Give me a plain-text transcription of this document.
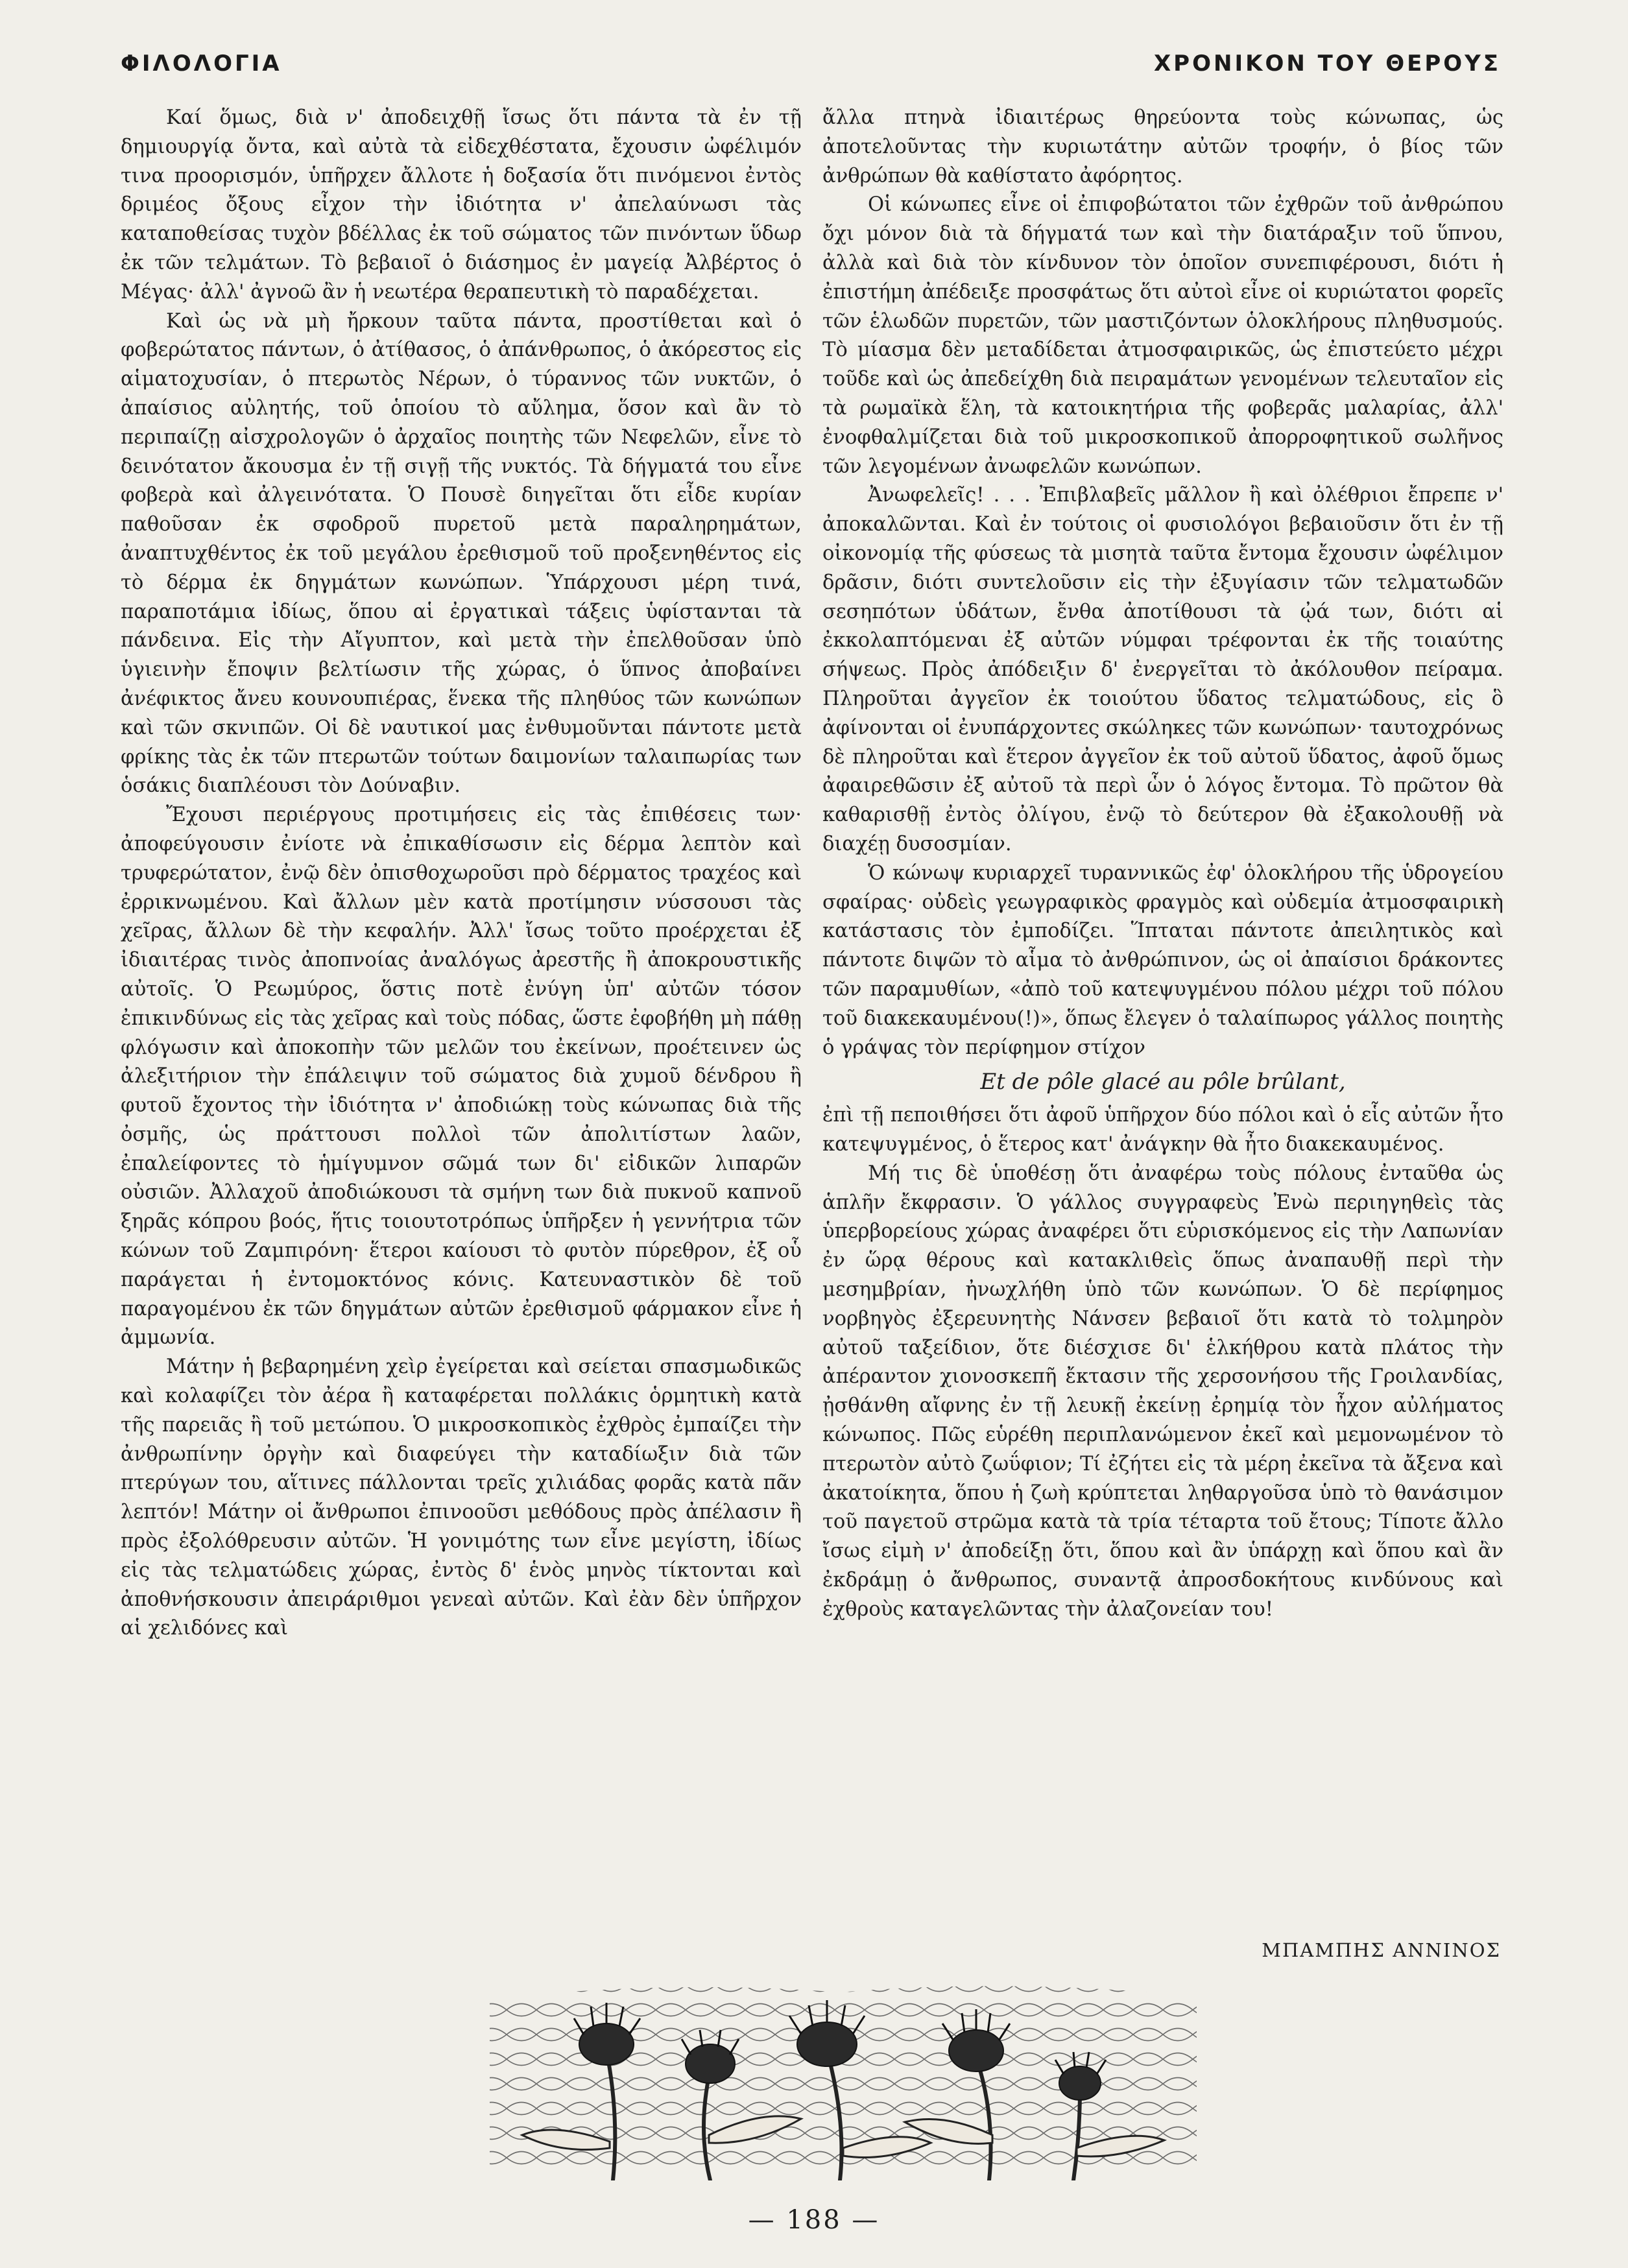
ΦΙΛΟΛΟΓΙΑ	ΧΡΟΝΙΚΟΝ ΤΟΥ ΘΕΡΟΥΣ

Καί ὅμως, διὰ ν' ἀποδειχθῇ ἴσως ὅτι πάντα τὰ ἐν τῇ δημιουργίᾳ ὄντα, καὶ αὐτὰ τὰ εἰδεχθέστατα, ἔχουσιν ὠφέλιμόν τινα προορισμόν, ὑπῆρχεν ἄλλοτε ἡ δοξασία ὅτι πινόμενοι ἐντὸς δριμέος ὄξους εἶχον τὴν ἰδιότητα ν' ἀπελαύνωσι τὰς καταποθείσας τυχὸν βδέλλας ἐκ τοῦ σώματος τῶν πινόντων ὕδωρ ἐκ τῶν τελμάτων. Τὸ βεβαιοῖ ὁ διάσημος ἐν μαγείᾳ Ἀλβέρτος ὁ Μέγας· ἀλλ' ἀγνοῶ ἂν ἡ νεωτέρα θεραπευτικὴ τὸ παραδέχεται.

Καὶ ὡς νὰ μὴ ἤρκουν ταῦτα πάντα, προστίθεται καὶ ὁ φοβερώτατος πάντων, ὁ ἀτίθασος, ὁ ἀπάνθρωπος, ὁ ἀκόρεστος εἰς αἱματοχυσίαν, ὁ πτερωτὸς Νέρων, ὁ τύραννος τῶν νυκτῶν, ὁ ἀπαίσιος αὐλητής, τοῦ ὁποίου τὸ αὔλημα, ὅσον καὶ ἂν τὸ περιπαίζῃ αἰσχρολογῶν ὁ ἀρχαῖος ποιητὴς τῶν Νεφελῶν, εἶνε τὸ δεινότατον ἄκουσμα ἐν τῇ σιγῇ τῆς νυκτός. Τὰ δήγματά του εἶνε φοβερὰ καὶ ἀλγεινότατα. Ὁ Πουσὲ διηγεῖται ὅτι εἶδε κυρίαν παθοῦσαν ἐκ σφοδροῦ πυρετοῦ μετὰ παραληρημάτων, ἀναπτυχθέντος ἐκ τοῦ μεγάλου ἐρεθισμοῦ τοῦ προξενηθέντος εἰς τὸ δέρμα ἐκ δηγμάτων κωνώπων. Ὑπάρχουσι μέρη τινά, παραποτάμια ἰδίως, ὅπου αἱ ἐργατικαὶ τάξεις ὑφίστανται τὰ πάνδεινα. Εἰς τὴν Αἴγυπτον, καὶ μετὰ τὴν ἐπελθοῦσαν ὑπὸ ὑγιεινὴν ἔποψιν βελτίωσιν τῆς χώρας, ὁ ὕπνος ἀποβαίνει ἀνέφικτος ἄνευ κουνουπιέρας, ἕνεκα τῆς πληθύος τῶν κωνώπων καὶ τῶν σκνιπῶν. Οἱ δὲ ναυτικοί μας ἐνθυμοῦνται πάντοτε μετὰ φρίκης τὰς ἐκ τῶν πτερωτῶν τούτων δαιμονίων ταλαιπωρίας των ὁσάκις διαπλέουσι τὸν Δούναβιν.

Ἔχουσι περιέργους προτιμήσεις εἰς τὰς ἐπιθέσεις των· ἀποφεύγουσιν ἐνίοτε νὰ ἐπικαθίσωσιν εἰς δέρμα λεπτὸν καὶ τρυφερώτατον, ἐνῷ δὲν ὀπισθοχωροῦσι πρὸ δέρματος τραχέος καὶ ἐρρικνωμένου. Καὶ ἄλλων μὲν κατὰ προτίμησιν νύσσουσι τὰς χεῖρας, ἄλλων δὲ τὴν κεφαλήν. Ἀλλ' ἴσως τοῦτο προέρχεται ἐξ ἰδιαιτέρας τινὸς ἀποπνοίας ἀναλόγως ἀρεστῆς ἢ ἀποκρουστικῆς αὐτοῖς. Ὁ Ρεωμύρος, ὅστις ποτὲ ἐνύγη ὑπ' αὐτῶν τόσον ἐπικινδύνως εἰς τὰς χεῖρας καὶ τοὺς πόδας, ὥστε ἐφοβήθη μὴ πάθῃ φλόγωσιν καὶ ἀποκοπὴν τῶν μελῶν του ἐκείνων, προέτεινεν ὡς ἀλεξιτήριον τὴν ἐπάλειψιν τοῦ σώματος διὰ χυμοῦ δένδρου ἢ φυτοῦ ἔχοντος τὴν ἰδιότητα ν' ἀποδιώκῃ τοὺς κώνωπας διὰ τῆς ὀσμῆς, ὡς πράττουσι πολλοὶ τῶν ἀπολιτίστων λαῶν, ἐπαλείφοντες τὸ ἡμίγυμνον σῶμά των δι' εἰδικῶν λιπαρῶν οὐσιῶν. Ἀλλαχοῦ ἀποδιώκουσι τὰ σμήνη των διὰ πυκνοῦ καπνοῦ ξηρᾶς κόπρου βοός, ἥτις τοιουτοτρόπως ὑπῆρξεν ἡ γεννήτρια τῶν κώνων τοῦ Ζαμπιρόνη· ἕτεροι καίουσι τὸ φυτὸν πύρεθρον, ἐξ οὗ παράγεται ἡ ἐντομοκτόνος κόνις. Κατευναστικὸν δὲ τοῦ παραγομένου ἐκ τῶν δηγμάτων αὐτῶν ἐρεθισμοῦ φάρμακον εἶνε ἡ ἀμμωνία.

Μάτην ἡ βεβαρημένη χεὶρ ἐγείρεται καὶ σείεται σπασμωδικῶς καὶ κολαφίζει τὸν ἀέρα ἢ καταφέρεται πολλάκις ὁρμητικὴ κατὰ τῆς παρειᾶς ἢ τοῦ μετώπου. Ὁ μικροσκοπικὸς ἐχθρὸς ἐμπαίζει τὴν ἀνθρωπίνην ὀργὴν καὶ διαφεύγει τὴν καταδίωξιν διὰ τῶν πτερύγων του, αἵτινες πάλλονται τρεῖς χιλιάδας φορᾶς κατὰ πᾶν λεπτόν! Μάτην οἱ ἄνθρωποι ἐπινοοῦσι μεθόδους πρὸς ἀπέλασιν ἢ πρὸς ἐξολόθρευσιν αὐτῶν. Ἡ γονιμότης των εἶνε μεγίστη, ἰδίως εἰς τὰς τελματώδεις χώρας, ἐντὸς δ' ἑνὸς μηνὸς τίκτονται καὶ ἀποθνήσκουσιν ἀπειράριθμοι γενεαὶ αὐτῶν. Καὶ ἐὰν δὲν ὑπῆρχον αἱ χελιδόνες καὶ

ἄλλα πτηνὰ ἰδιαιτέρως θηρεύοντα τοὺς κώνωπας, ὡς ἀποτελοῦντας τὴν κυριωτάτην αὐτῶν τροφήν, ὁ βίος τῶν ἀνθρώπων θὰ καθίστατο ἀφόρητος.

Οἱ κώνωπες εἶνε οἱ ἐπιφοβώτατοι τῶν ἐχθρῶν τοῦ ἀνθρώπου ὄχι μόνον διὰ τὰ δήγματά των καὶ τὴν διατάραξιν τοῦ ὕπνου, ἀλλὰ καὶ διὰ τὸν κίνδυνον τὸν ὁποῖον συνεπιφέρουσι, διότι ἡ ἐπιστήμη ἀπέδειξε προσφάτως ὅτι αὐτοὶ εἶνε οἱ κυριώτατοι φορεῖς τῶν ἑλωδῶν πυρετῶν, τῶν μαστιζόντων ὁλοκλήρους πληθυσμούς. Τὸ μίασμα δὲν μεταδίδεται ἀτμοσφαιρικῶς, ὡς ἐπιστεύετο μέχρι τοῦδε καὶ ὡς ἀπεδείχθη διὰ πειραμάτων γενομένων τελευταῖον εἰς τὰ ρωμαϊκὰ ἕλη, τὰ κατοικητήρια τῆς φοβερᾶς μαλαρίας, ἀλλ' ἐνοφθαλμίζεται διὰ τοῦ μικροσκοπικοῦ ἀπορροφητικοῦ σωλῆνος τῶν λεγομένων ἀνωφελῶν κωνώπων.

Ἀνωφελεῖς! . . . Ἐπιβλαβεῖς μᾶλλον ἢ καὶ ὀλέθριοι ἔπρεπε ν' ἀποκαλῶνται. Καὶ ἐν τούτοις οἱ φυσιολόγοι βεβαιοῦσιν ὅτι ἐν τῇ οἰκονομίᾳ τῆς φύσεως τὰ μισητὰ ταῦτα ἔντομα ἔχουσιν ὠφέλιμον δρᾶσιν, διότι συντελοῦσιν εἰς τὴν ἐξυγίασιν τῶν τελματωδῶν σεσηπότων ὑδάτων, ἔνθα ἀποτίθουσι τὰ ᾠά των, διότι αἱ ἐκκολαπτόμεναι ἐξ αὐτῶν νύμφαι τρέφονται ἐκ τῆς τοιαύτης σήψεως. Πρὸς ἀπόδειξιν δ' ἐνεργεῖται τὸ ἀκόλουθον πείραμα. Πληροῦται ἀγγεῖον ἐκ τοιούτου ὕδατος τελματώδους, εἰς ὃ ἀφίνονται οἱ ἐνυπάρχοντες σκώληκες τῶν κωνώπων· ταυτοχρόνως δὲ πληροῦται καὶ ἕτερον ἀγγεῖον ἐκ τοῦ αὐτοῦ ὕδατος, ἀφοῦ ὅμως ἀφαιρεθῶσιν ἐξ αὐτοῦ τὰ περὶ ὧν ὁ λόγος ἔντομα. Τὸ πρῶτον θὰ καθαρισθῇ ἐντὸς ὀλίγου, ἐνῷ τὸ δεύτερον θὰ ἐξακολουθῇ νὰ διαχέῃ δυσοσμίαν.

Ὁ κώνωψ κυριαρχεῖ τυραννικῶς ἐφ' ὁλοκλήρου τῆς ὑδρογείου σφαίρας· οὐδεὶς γεωγραφικὸς φραγμὸς καὶ οὐδεμία ἀτμοσφαιρικὴ κατάστασις τὸν ἐμποδίζει. Ἵπταται πάντοτε ἀπειλητικὸς καὶ πάντοτε διψῶν τὸ αἷμα τὸ ἀνθρώπινον, ὡς οἱ ἀπαίσιοι δράκοντες τῶν παραμυθίων, «ἀπὸ τοῦ κατεψυγμένου πόλου μέχρι τοῦ πόλου τοῦ διακεκαυμένου(!)», ὅπως ἔλεγεν ὁ ταλαίπωρος γάλλος ποιητὴς ὁ γράψας τὸν περίφημον στίχον

Et de pôle glacé au pôle brûlant,

ἐπὶ τῇ πεποιθήσει ὅτι ἀφοῦ ὑπῆρχον δύο πόλοι καὶ ὁ εἷς αὐτῶν ἦτο κατεψυγμένος, ὁ ἕτερος κατ' ἀνάγκην θὰ ἦτο διακεκαυμένος.

Μή τις δὲ ὑποθέσῃ ὅτι ἀναφέρω τοὺς πόλους ἐνταῦθα ὡς ἁπλῆν ἔκφρασιν. Ὁ γάλλος συγγραφεὺς Ἐνὼ περιηγηθεὶς τὰς ὑπερβορείους χώρας ἀναφέρει ὅτι εὑρισκόμενος εἰς τὴν Λαπωνίαν ἐν ὥρᾳ θέρους καὶ κατακλιθεὶς ὅπως ἀναπαυθῇ περὶ τὴν μεσημβρίαν, ἠνωχλήθη ὑπὸ τῶν κωνώπων. Ὁ δὲ περίφημος νορβηγὸς ἐξερευνητὴς Νάνσεν βεβαιοῖ ὅτι κατὰ τὸ τολμηρὸν αὐτοῦ ταξείδιον, ὅτε διέσχισε δι' ἑλκήθρου κατὰ πλάτος τὴν ἀπέραντον χιονοσκεπῆ ἔκτασιν τῆς χερσονήσου τῆς Γροιλανδίας, ᾐσθάνθη αἴφνης ἐν τῇ λευκῇ ἐκείνῃ ἐρημίᾳ τὸν ἦχον αὐλήματος κώνωπος. Πῶς εὑρέθη περιπλανώμενον ἐκεῖ καὶ μεμονωμένον τὸ πτερωτὸν αὐτὸ ζωΰφιον; Τί ἐζήτει εἰς τὰ μέρη ἐκεῖνα τὰ ἄξενα καὶ ἀκατοίκητα, ὅπου ἡ ζωὴ κρύπτεται ληθαργοῦσα ὑπὸ τὸ θανάσιμον τοῦ παγετοῦ στρῶμα κατὰ τὰ τρία τέταρτα τοῦ ἔτους; Τίποτε ἄλλο ἴσως εἰμὴ ν' ἀποδείξῃ ὅτι, ὅπου καὶ ἂν ὑπάρχῃ καὶ ὅπου καὶ ἂν ἐκδράμῃ ὁ ἄνθρωπος, συναντᾷ ἀπροσδοκήτους κινδύνους καὶ ἐχθροὺς καταγελῶντας τὴν ἀλαζονείαν του!

ΜΠΑΜΠΗΣ ΑΝΝΙΝΟΣ
— 188 —
